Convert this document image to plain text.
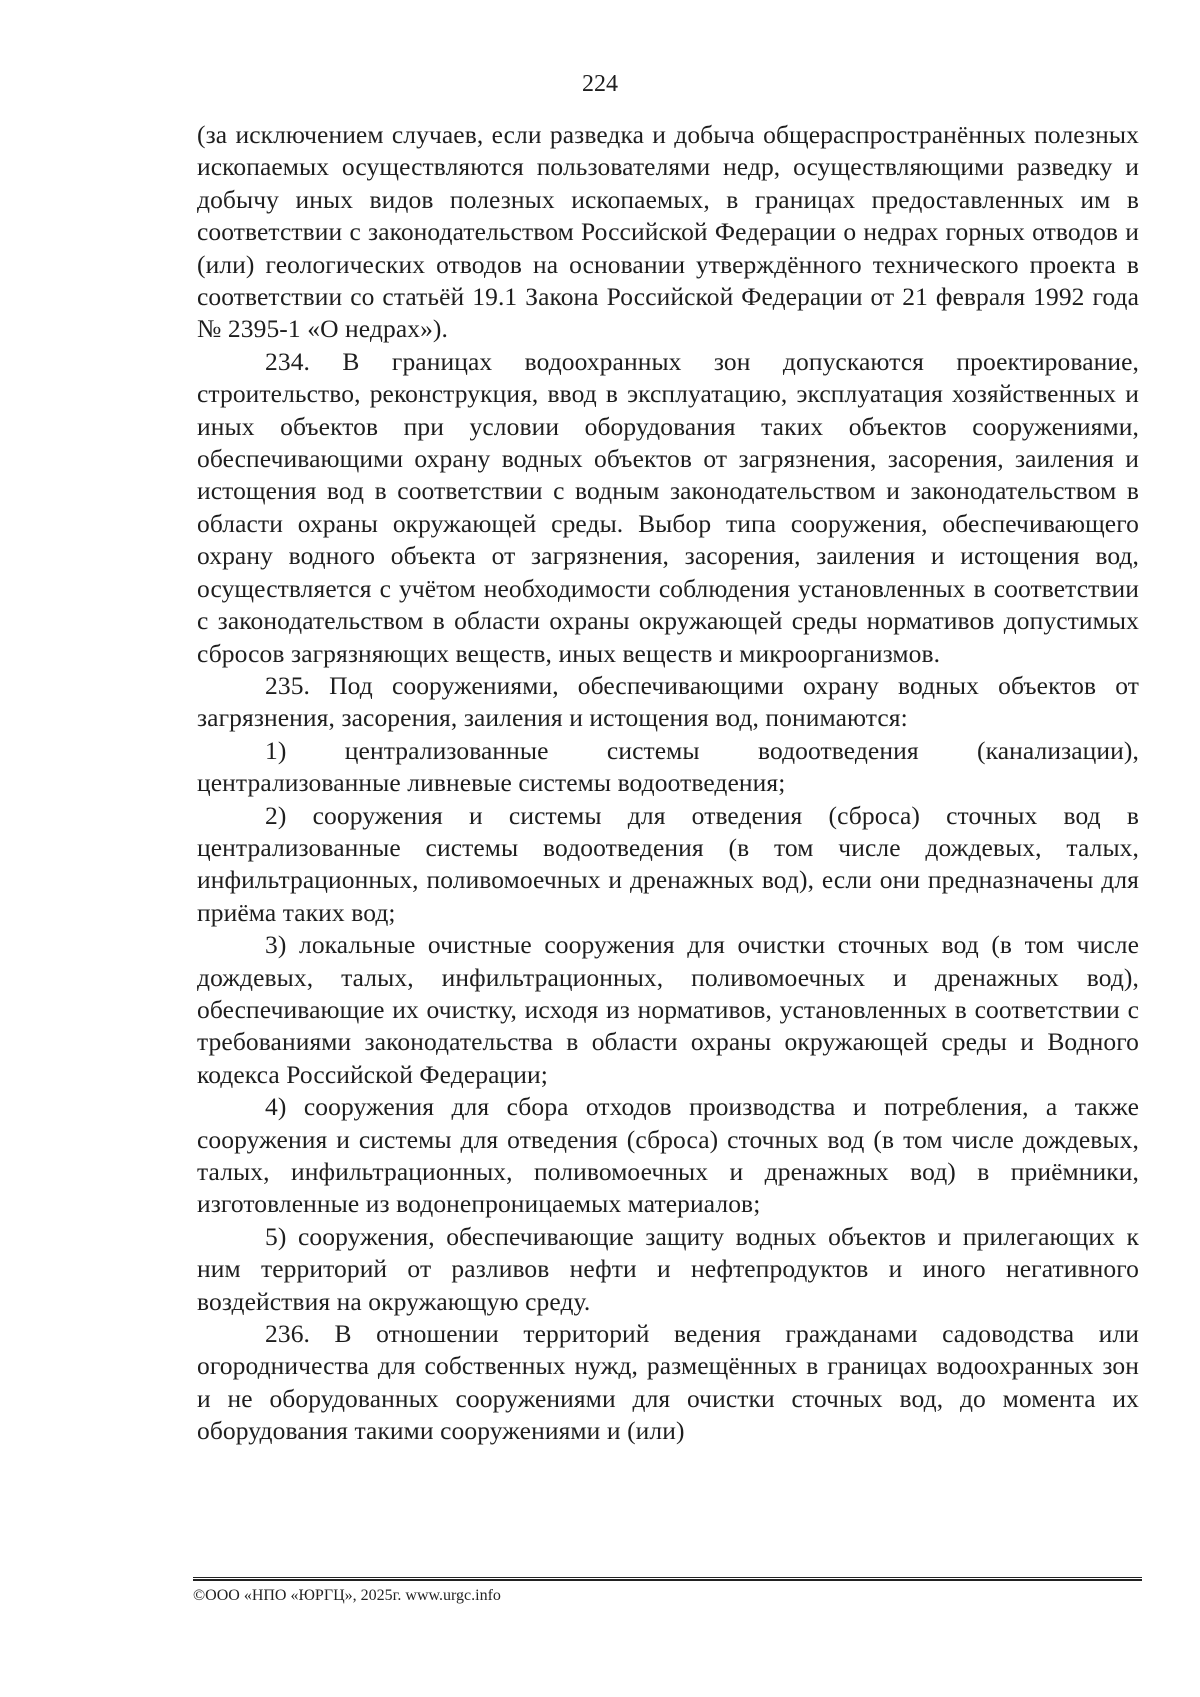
224

(за исключением случаев, если разведка и добыча общераспространённых полезных ископаемых осуществляются пользователями недр, осуществляющими разведку и добычу иных видов полезных ископаемых, в границах предоставленных им в соответствии с законодательством Российской Федерации о недрах горных отводов и (или) геологических отводов на основании утверждённого технического проекта в соответствии со статьёй 19.1 Закона Российской Федерации от 21 февраля 1992 года № 2395-1 «О недрах»).

234. В границах водоохранных зон допускаются проектирование, строительство, реконструкция, ввод в эксплуатацию, эксплуатация хозяйственных и иных объектов при условии оборудования таких объектов сооружениями, обеспечивающими охрану водных объектов от загрязнения, засорения, заиления и истощения вод в соответствии с водным законодательством и законодательством в области охраны окружающей среды. Выбор типа сооружения, обеспечивающего охрану водного объекта от загрязнения, засорения, заиления и истощения вод, осуществляется с учётом необходимости соблюдения установленных в соответствии с законодательством в области охраны окружающей среды нормативов допустимых сбросов загрязняющих веществ, иных веществ и микроорганизмов.

235. Под сооружениями, обеспечивающими охрану водных объектов от загрязнения, засорения, заиления и истощения вод, понимаются:

1) централизованные системы водоотведения (канализации), централизованные ливневые системы водоотведения;

2) сооружения и системы для отведения (сброса) сточных вод в централизованные системы водоотведения (в том числе дождевых, талых, инфильтрационных, поливомоечных и дренажных вод), если они предназначены для приёма таких вод;

3) локальные очистные сооружения для очистки сточных вод (в том числе дождевых, талых, инфильтрационных, поливомоечных и дренажных вод), обеспечивающие их очистку, исходя из нормативов, установленных в соответствии с требованиями законодательства в области охраны окружающей среды и Водного кодекса Российской Федерации;

4) сооружения для сбора отходов производства и потребления, а также сооружения и системы для отведения (сброса) сточных вод (в том числе дождевых, талых, инфильтрационных, поливомоечных и дренажных вод) в приёмники, изготовленные из водонепроницаемых материалов;

5) сооружения, обеспечивающие защиту водных объектов и прилегающих к ним территорий от разливов нефти и нефтепродуктов и иного негативного воздействия на окружающую среду.

236. В отношении территорий ведения гражданами садоводства или огородничества для собственных нужд, размещённых в границах водоохранных зон и не оборудованных сооружениями для очистки сточных вод, до момента их оборудования такими сооружениями и (или)

©ООО «НПО «ЮРГЦ», 2025г. www.urgc.info
